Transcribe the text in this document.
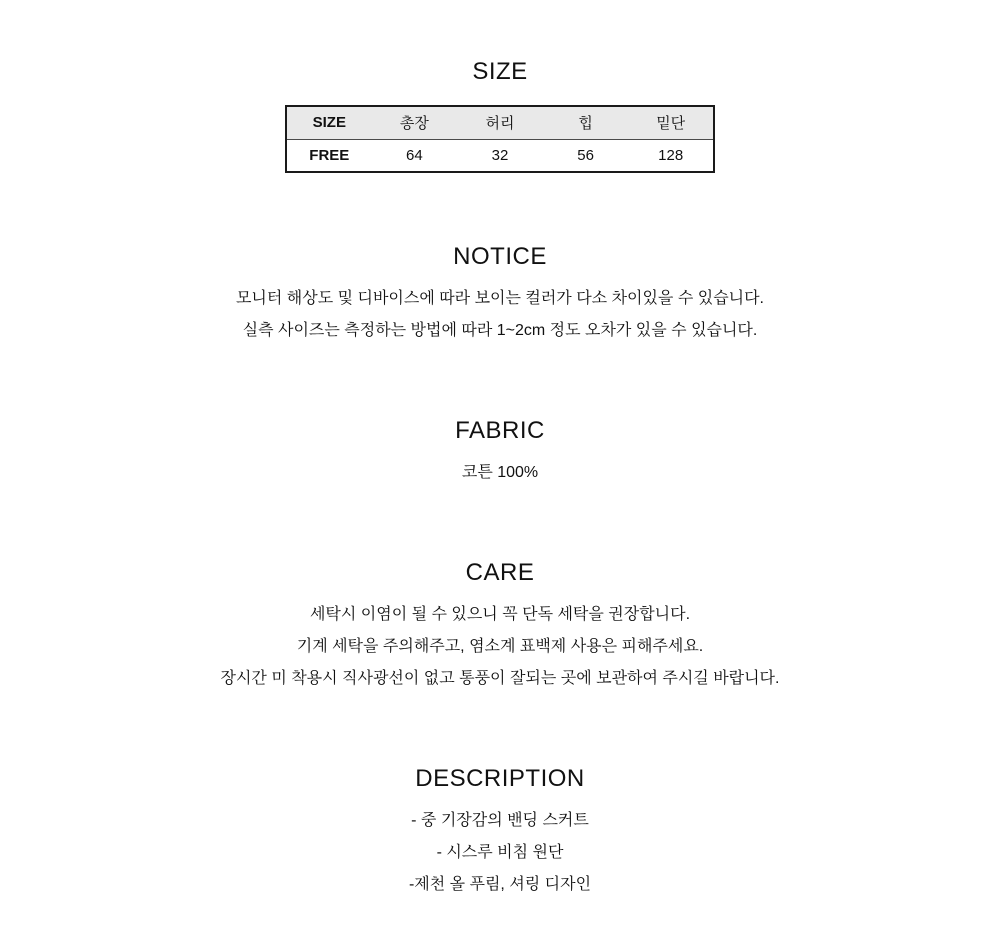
SIZE
SIZE	총장	허리	힙	밑단
FREE	64	32	56	128
NOTICE

모니터 해상도 및 디바이스에 따라 보이는 컬러가 다소 차이있을 수 있습니다.

실측 사이즈는 측정하는 방법에 따라 1~2cm 정도 오차가 있을 수 있습니다.

FABRIC

코튼 100%

CARE

세탁시 이염이 될 수 있으니 꼭 단독 세탁을 권장합니다.

기계 세탁을 주의해주고, 염소계 표백제 사용은 피해주세요.

장시간 미 착용시 직사광선이 없고 통풍이 잘되는 곳에 보관하여 주시길 바랍니다.

DESCRIPTION

- 중 기장감의 밴딩 스커트

- 시스루 비침 원단

-제천 올 푸림, 셔링 디자인
